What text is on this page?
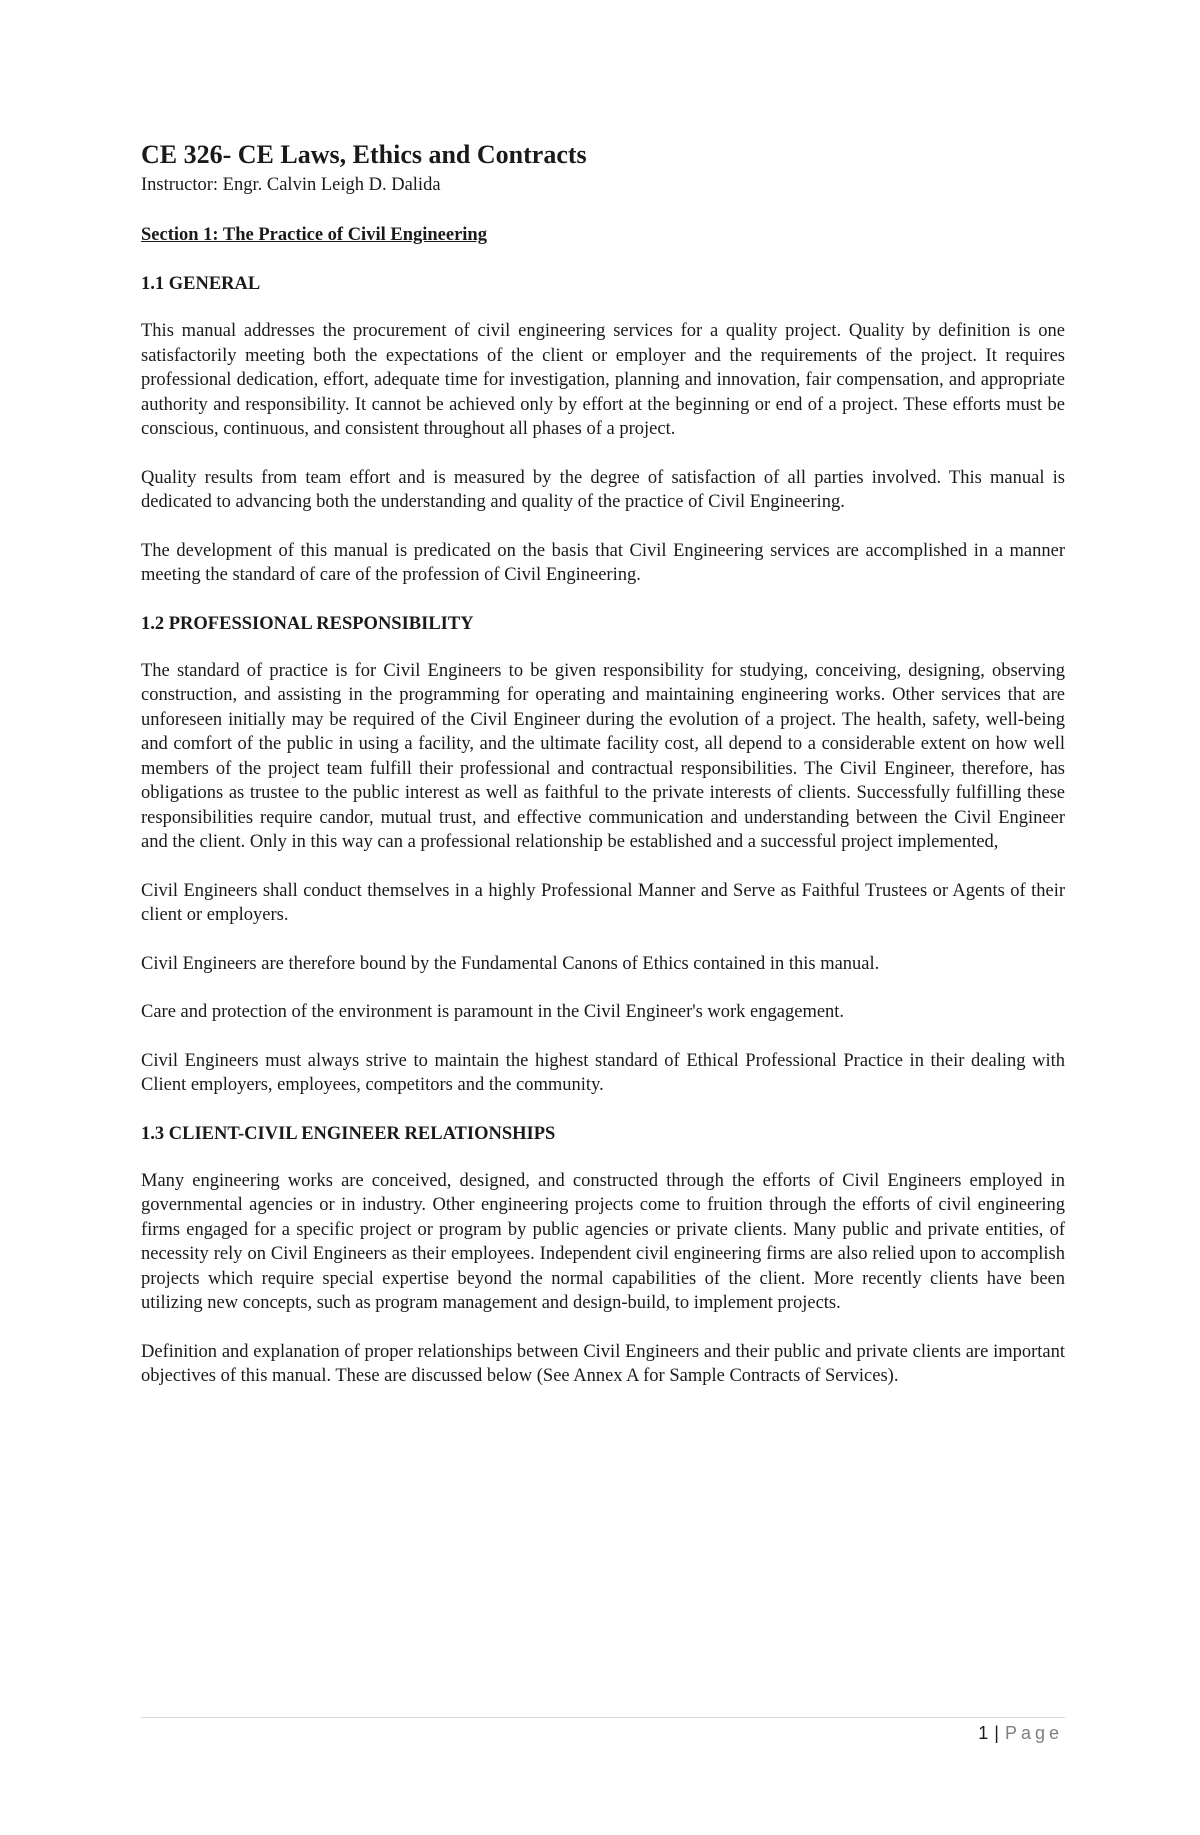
CE 326- CE Laws, Ethics and Contracts

Instructor: Engr. Calvin Leigh D. Dalida

Section 1: The Practice of Civil Engineering
1.1 GENERAL

This manual addresses the procurement of civil engineering services for a quality project. Quality by definition is one satisfactorily meeting both the expectations of the client or employer and the requirements of the project. It requires professional dedication, effort, adequate time for investigation, planning and innovation, fair compensation, and appropriate authority and responsibility. It cannot be achieved only by effort at the beginning or end of a project. These efforts must be conscious, continuous, and consistent throughout all phases of a project.

Quality results from team effort and is measured by the degree of satisfaction of all parties involved. This manual is dedicated to advancing both the understanding and quality of the practice of Civil Engineering.

The development of this manual is predicated on the basis that Civil Engineering services are accomplished in a manner meeting the standard of care of the profession of Civil Engineering.

1.2 PROFESSIONAL RESPONSIBILITY

The standard of practice is for Civil Engineers to be given responsibility for studying, conceiving, designing, observing construction, and assisting in the programming for operating and maintaining engineering works. Other services that are unforeseen initially may be required of the Civil Engineer during the evolution of a project. The health, safety, well-being and comfort of the public in using a facility, and the ultimate facility cost, all depend to a considerable extent on how well members of the project team fulfill their professional and contractual responsibilities. The Civil Engineer, therefore, has obligations as trustee to the public interest as well as faithful to the private interests of clients. Successfully fulfilling these responsibilities require candor, mutual trust, and effective communication and understanding between the Civil Engineer and the client. Only in this way can a professional relationship be established and a successful project implemented,

Civil Engineers shall conduct themselves in a highly Professional Manner and Serve as Faithful Trustees or Agents of their client or employers.

Civil Engineers are therefore bound by the Fundamental Canons of Ethics contained in this manual.

Care and protection of the environment is paramount in the Civil Engineer's work engagement.

Civil Engineers must always strive to maintain the highest standard of Ethical Professional Practice in their dealing with Client employers, employees, competitors and the community.

1.3 CLIENT-CIVIL ENGINEER RELATIONSHIPS

Many engineering works are conceived, designed, and constructed through the efforts of Civil Engineers employed in governmental agencies or in industry. Other engineering projects come to fruition through the efforts of civil engineering firms engaged for a specific project or program by public agencies or private clients. Many public and private entities, of necessity rely on Civil Engineers as their employees. Independent civil engineering firms are also relied upon to accomplish projects which require special expertise beyond the normal capabilities of the client. More recently clients have been utilizing new concepts, such as program management and design-build, to implement projects.

Definition and explanation of proper relationships between Civil Engineers and their public and private clients are important objectives of this manual. These are discussed below (See Annex A for Sample Contracts of Services).

1 | Page
